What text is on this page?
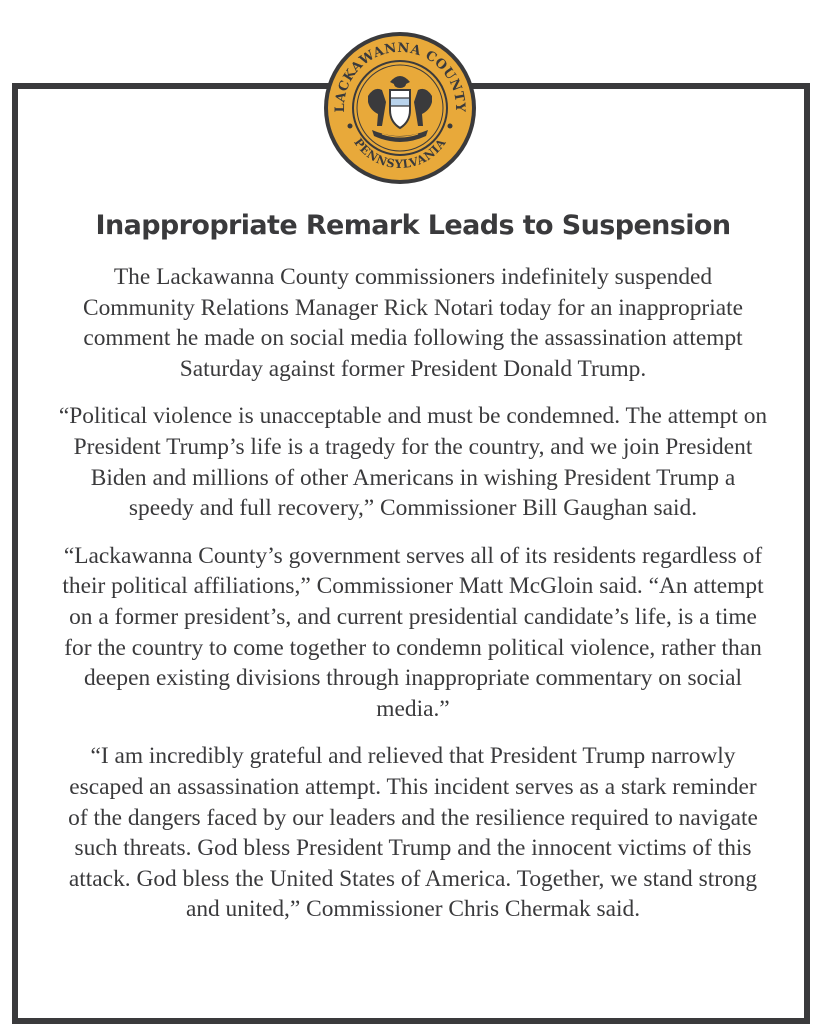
LACKAWANNA COUNTY
PENNSYLVANIA
Inappropriate Remark Leads to Suspension

The Lackawanna County commissioners indefinitely suspended Community Relations Manager Rick Notari today for an inappropriate comment he made on social media following the assassination attempt Saturday against former President Donald Trump.

“Political violence is unacceptable and must be condemned. The attempt on President Trump’s life is a tragedy for the country, and we join President Biden and millions of other Americans in wishing President Trump a speedy and full recovery,” Commissioner Bill Gaughan said.

“Lackawanna County’s government serves all of its residents regardless of their political affiliations,” Commissioner Matt McGloin said. “An attempt on a former president’s, and current presidential candidate’s life, is a time for the country to come together to condemn political violence, rather than deepen existing divisions through inappropriate commentary on social media.”

“I am incredibly grateful and relieved that President Trump narrowly escaped an assassination attempt. This incident serves as a stark reminder of the dangers faced by our leaders and the resilience required to navigate such threats. God bless President Trump and the innocent victims of this attack. God bless the United States of America. Together, we stand strong and united,” Commissioner Chris Chermak said.
